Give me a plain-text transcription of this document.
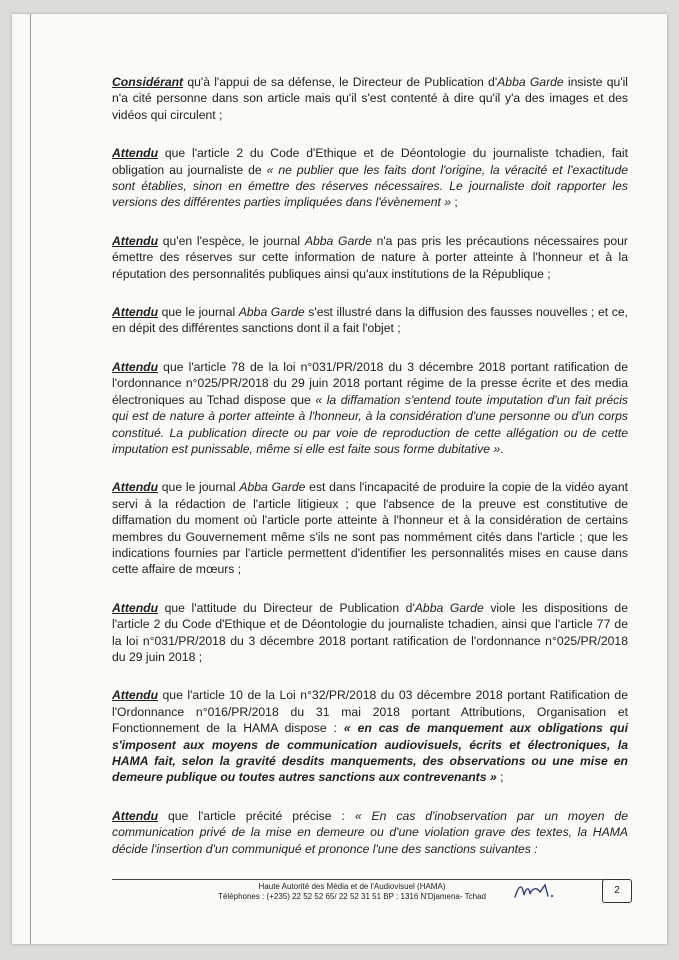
Considérant qu'à l'appui de sa défense, le Directeur de Publication d'Abba Garde insiste qu'il n'a cité personne dans son article mais qu'il s'est contenté à dire qu'il y'a des images et des vidéos qui circulent ;

Attendu que l'article 2 du Code d'Ethique et de Déontologie du journaliste tchadien, fait obligation au journaliste de « ne publier que les faits dont l'origine, la véracité et l'exactitude sont établies, sinon en émettre des réserves nécessaires. Le journaliste doit rapporter les versions des différentes parties impliquées dans l'évènement » ;

Attendu qu'en l'espèce, le journal Abba Garde n'a pas pris les précautions nécessaires pour émettre des réserves sur cette information de nature à porter atteinte à l'honneur et à la réputation des personnalités publiques ainsi qu'aux institutions de la République ;

Attendu que le journal Abba Garde s'est illustré dans la diffusion des fausses nouvelles ; et ce, en dépit des différentes sanctions dont il a fait l'objet ;

Attendu que l'article 78 de la loi n°031/PR/2018 du 3 décembre 2018 portant ratification de l'ordonnance n°025/PR/2018 du 29 juin 2018 portant régime de la presse écrite et des media électroniques au Tchad dispose que « la diffamation s'entend toute imputation d'un fait précis qui est de nature à porter atteinte à l'honneur, à la considération d'une personne ou d'un corps constitué. La publication directe ou par voie de reproduction de cette allégation ou de cette imputation est punissable, même si elle est faite sous forme dubitative ».

Attendu que le journal Abba Garde est dans l'incapacité de produire la copie de la vidéo ayant servi à la rédaction de l'article litigieux ; que l'absence de la preuve est constitutive de diffamation du moment où l'article porte atteinte à l'honneur et à la considération de certains membres du Gouvernement même s'ils ne sont pas nommément cités dans l'article ; que les indications fournies par l'article permettent d'identifier les personnalités mises en cause dans cette affaire de mœurs ;

Attendu que l'attitude du Directeur de Publication d'Abba Garde viole les dispositions de l'article 2 du Code d'Ethique et de Déontologie du journaliste tchadien, ainsi que l'article 77 de la loi n°031/PR/2018 du 3 décembre 2018 portant ratification de l'ordonnance n°025/PR/2018 du 29 juin 2018 ;

Attendu que l'article 10 de la Loi n°32/PR/2018 du 03 décembre 2018 portant Ratification de l'Ordonnance n°016/PR/2018 du 31 mai 2018 portant Attributions, Organisation et Fonctionnement de la HAMA dispose : « en cas de manquement aux obligations qui s'imposent aux moyens de communication audiovisuels, écrits et électroniques, la HAMA fait, selon la gravité desdits manquements, des observations ou une mise en demeure publique ou toutes autres sanctions aux contrevenants » ;

Attendu que l'article précité précise : « En cas d'inobservation par un moyen de communication privé de la mise en demeure ou d'une violation grave des textes, la HAMA décide l'insertion d'un communiqué et prononce l'une des sanctions suivantes :

Haute Autorité des Média et de l'Audiovisuel (HAMA)
Téléphones : (+235) 22 52 52 65/ 22 52 31 51 BP : 1316 N'Djamena- Tchad
2
